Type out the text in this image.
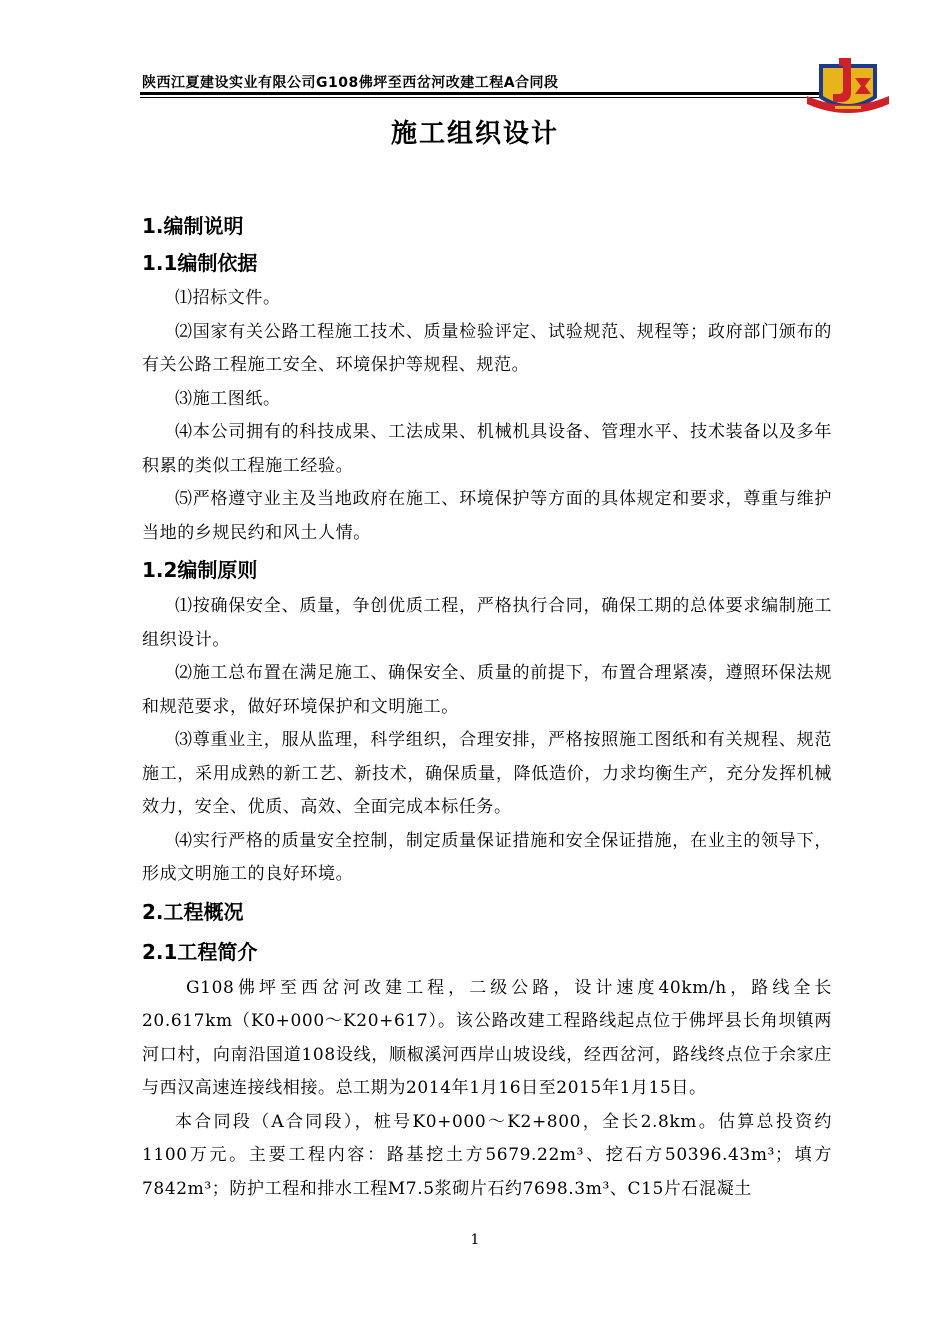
陕西江夏建设实业有限公司G108佛坪至西岔河改建工程A合同段
施工组织设计
1.编制说明
1.1编制依据

⑴招标文件。

⑵国家有关公路工程施工技术、质量检验评定、试验规范、规程等；政府部门颁布的有关公路工程施工安全、环境保护等规程、规范。

⑶施工图纸。

⑷本公司拥有的科技成果、工法成果、机械机具设备、管理水平、技术装备以及多年积累的类似工程施工经验。

⑸严格遵守业主及当地政府在施工、环境保护等方面的具体规定和要求，尊重与维护当地的乡规民约和风土人情。

1.2编制原则

⑴按确保安全、质量，争创优质工程，严格执行合同，确保工期的总体要求编制施工组织设计。

⑵施工总布置在满足施工、确保安全、质量的前提下，布置合理紧凑，遵照环保法规和规范要求，做好环境保护和文明施工。

⑶尊重业主，服从监理，科学组织，合理安排，严格按照施工图纸和有关规程、规范施工，采用成熟的新工艺、新技术，确保质量，降低造价，力求均衡生产，充分发挥机械效力，安全、优质、高效、全面完成本标任务。

⑷实行严格的质量安全控制，制定质量保证措施和安全保证措施，在业主的领导下，形成文明施工的良好环境。

2.工程概况
2.1工程简介

G108佛坪至西岔河改建工程，二级公路，设计速度40km/h，路线全长20.617km（K0+000～K20+617）。该公路改建工程路线起点位于佛坪县长角坝镇两河口村，向南沿国道108设线，顺椒溪河西岸山坡设线，经西岔河，路线终点位于余家庄与西汉高速连接线相接。总工期为2014年1月16日至2015年1月15日。

本合同段（A合同段），桩号K0+000～K2+800，全长2.8km。估算总投资约1100万元。主要工程内容：路基挖土方5679.22m³、挖石方50396.43m³；填方7842m³；防护工程和排水工程M7.5浆砌片石约7698.3m³、C15片石混凝土

1
